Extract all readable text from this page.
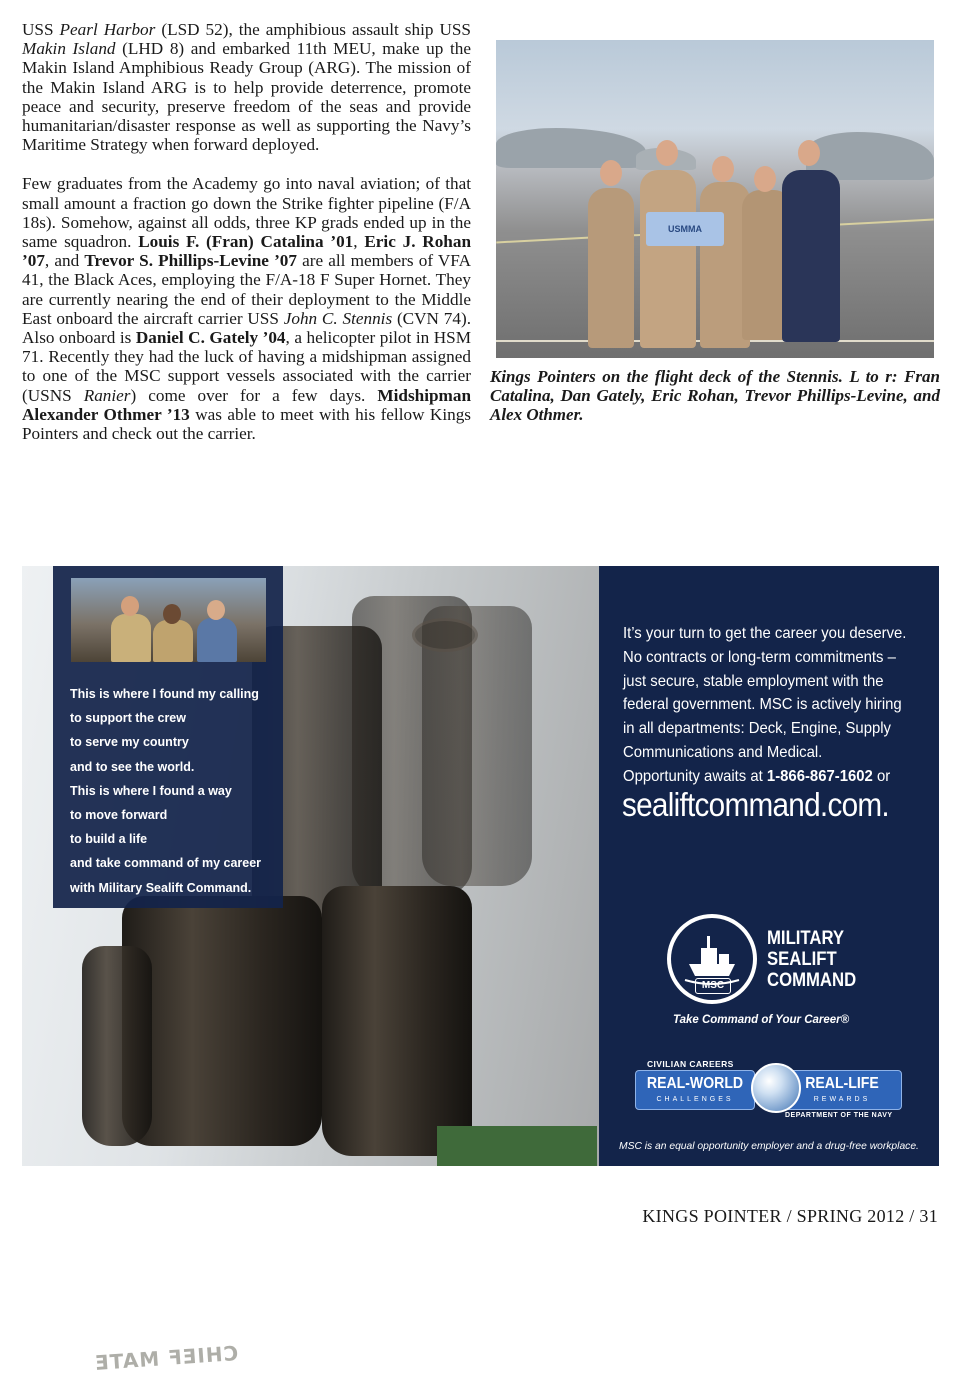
USS Pearl Harbor (LSD 52), the amphibious assault ship USS Makin Island (LHD 8) and embarked 11th MEU, make up the Makin Island Amphibious Ready Group (ARG). The mission of the Makin Island ARG is to help provide deterrence, promote peace and security, preserve freedom of the seas and provide humanitarian/disaster response as well as supporting the Navy’s Maritime Strategy when forward deployed.

Few graduates from the Academy go into naval aviation; of that small amount a fraction go down the Strike fighter pipeline (F/A 18s). Somehow, against all odds, three KP grads ended up in the same squadron. Louis F. (Fran) Catalina ’01, Eric J. Rohan ’07, and Trevor S. Phillips-Levine ’07 are all members of VFA 41, the Black Aces, employing the F/A-18 F Super Hornet. They are currently nearing the end of their deployment to the Middle East onboard the aircraft carrier USS John C. Stennis (CVN 74). Also onboard is Daniel C. Gately ’04, a helicopter pilot in HSM 71. Recently they had the luck of having a midshipman assigned to one of the MSC support vessels associated with the carrier (USNS Ranier) come over for a few days. Midshipman Alexander Othmer ’13 was able to meet with his fellow Kings Pointers and check out the carrier.

USMMA
Kings Pointers on the flight deck of the Stennis. L to r: Fran Catalina, Dan Gately, Eric Rohan, Trevor Phillips-Levine, and Alex Othmer.
CHIEF MATE
This is where I found my calling
to support the crew
to serve my country
and to see the world.
This is where I found a way
to move forward
to build a life
and take command of my career
with Military Sealift Command.
It’s your turn to get the career you deserve.
No contracts or long-term commitments –
just secure, stable employment with the
federal government. MSC is actively hiring
in all departments: Deck, Engine, Supply
Communications and Medical.
Opportunity awaits at 1-866-867-1602 or
sealiftcommand.com.
MSC
MILITARY
SEALIFT
COMMAND
Take Command of Your Career®
CIVILIAN CAREERS
REAL-WORLD
CHALLENGES
REAL-LIFE
REWARDS
DEPARTMENT OF THE NAVY
MSC is an equal opportunity employer and a drug-free workplace.
KINGS POINTER / SPRING 2012 / 31
